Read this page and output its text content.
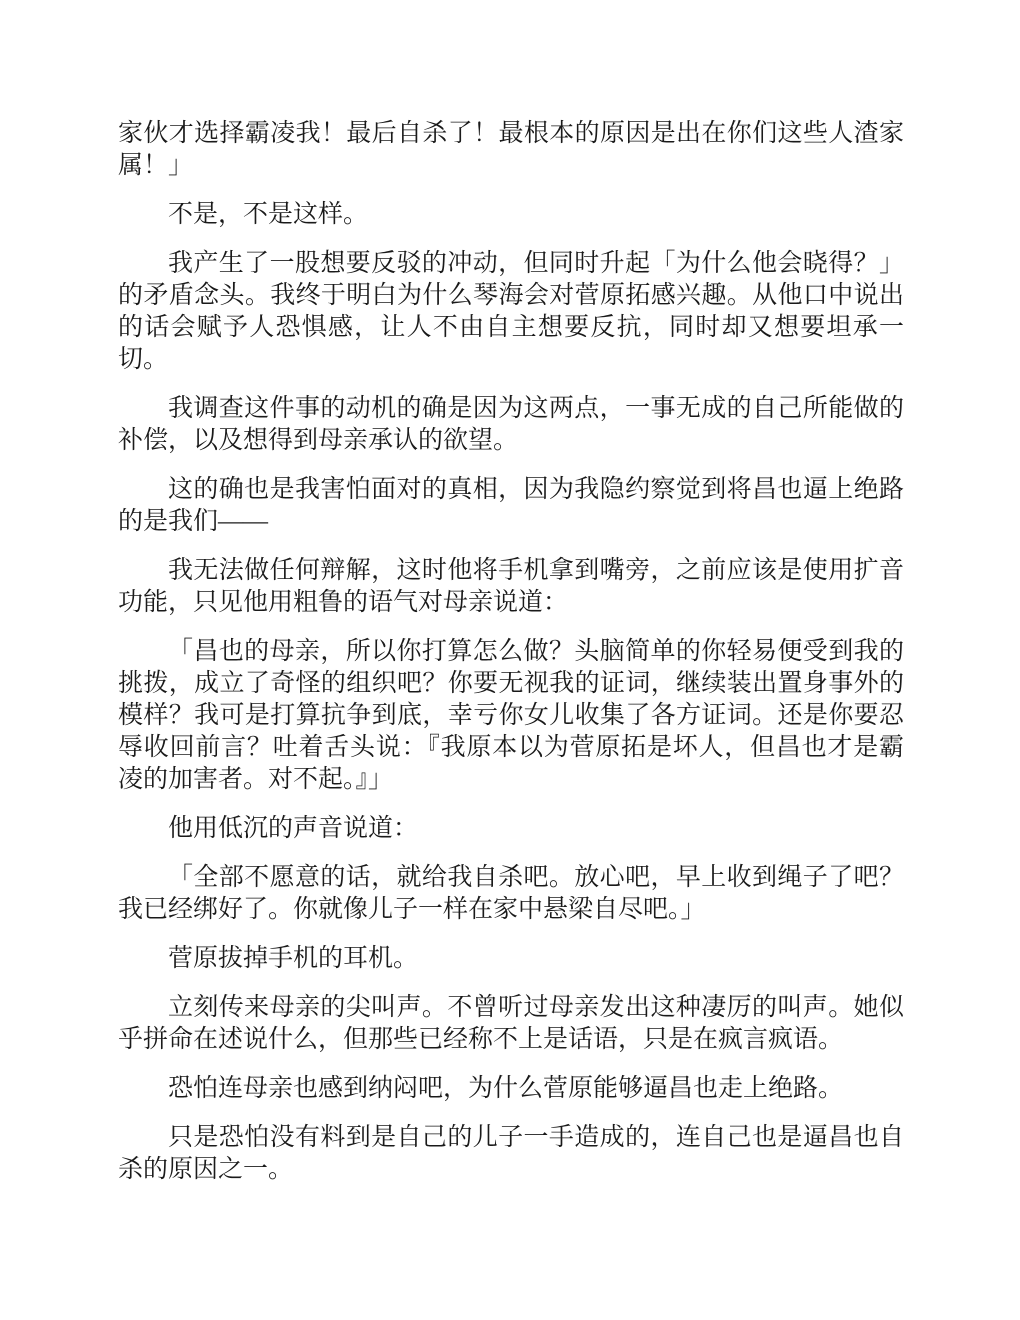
家伙才选择霸凌我！最后自杀了！最根本的原因是出在你们这些人渣家属！」

不是，不是这样。

我产生了一股想要反驳的冲动，但同时升起「为什么他会晓得？」的矛盾念头。我终于明白为什么琴海会对菅原拓感兴趣。从他口中说出的话会赋予人恐惧感，让人不由自主想要反抗，同时却又想要坦承一切。

我调查这件事的动机的确是因为这两点，一事无成的自己所能做的补偿，以及想得到母亲承认的欲望。

这的确也是我害怕面对的真相，因为我隐约察觉到将昌也逼上绝路的是我们——

我无法做任何辩解，这时他将手机拿到嘴旁，之前应该是使用扩音功能，只见他用粗鲁的语气对母亲说道：

「昌也的母亲，所以你打算怎么做？头脑简单的你轻易便受到我的挑拨，成立了奇怪的组织吧？你要无视我的证词，继续装出置身事外的模样？我可是打算抗争到底，幸亏你女儿收集了各方证词。还是你要忍辱收回前言？吐着舌头说：『我原本以为菅原拓是坏人，但昌也才是霸凌的加害者。对不起。』」

他用低沉的声音说道：

「全部不愿意的话，就给我自杀吧。放心吧，早上收到绳子了吧？我已经绑好了。你就像儿子一样在家中悬梁自尽吧。」

菅原拔掉手机的耳机。

立刻传来母亲的尖叫声。不曾听过母亲发出这种凄厉的叫声。她似乎拼命在述说什么，但那些已经称不上是话语，只是在疯言疯语。

恐怕连母亲也感到纳闷吧，为什么菅原能够逼昌也走上绝路。

只是恐怕没有料到是自己的儿子一手造成的，连自己也是逼昌也自杀的原因之一。
